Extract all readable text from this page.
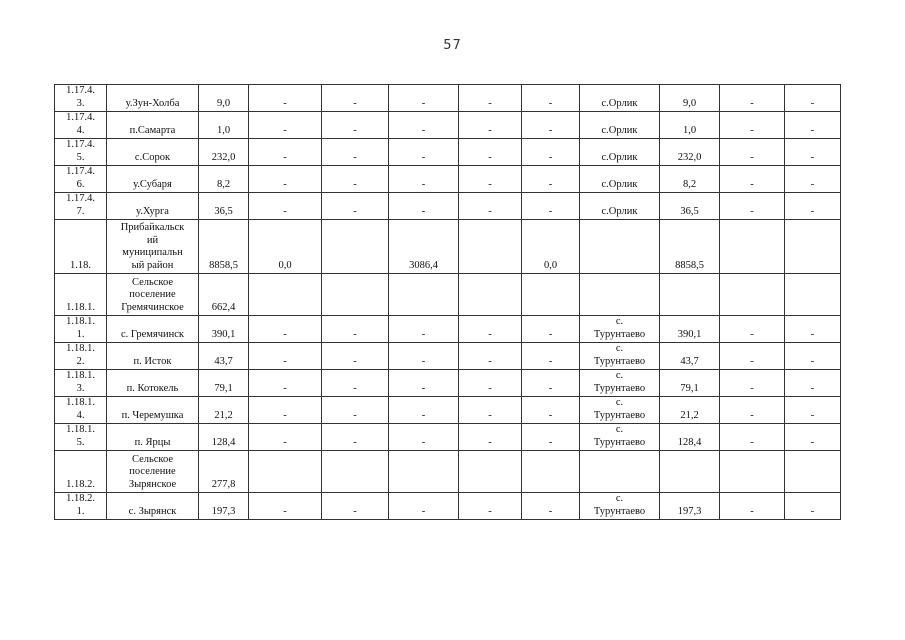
57
1.17.4.
3.	у.Зун-Холба	9,0	-	-	-	-	-	с.Орлик	9,0	-	-
1.17.4.
4.	п.Самарта	1,0	-	-	-	-	-	с.Орлик	1,0	-	-
1.17.4.
5.	с.Сорок	232,0	-	-	-	-	-	с.Орлик	232,0	-	-
1.17.4.
6.	у.Субаря	8,2	-	-	-	-	-	с.Орлик	8,2	-	-
1.17.4.
7.	у.Хурга	36,5	-	-	-	-	-	с.Орлик	36,5	-	-
1.18.	Прибайкальск
ий
муниципальн
ый район	8858,5	0,0		3086,4		0,0		8858,5		
1.18.1.	Сельское
поселение
Гремячинское	662,4									
1.18.1.
1.	с. Гремячинск	390,1	-	-	-	-	-	с.
Турунтаево	390,1	-	-
1.18.1.
2.	п. Исток	43,7	-	-	-	-	-	с.
Турунтаево	43,7	-	-
1.18.1.
3.	п. Котокель	79,1	-	-	-	-	-	с.
Турунтаево	79,1	-	-
1.18.1.
4.	п. Черемушка	21,2	-	-	-	-	-	с.
Турунтаево	21,2	-	-
1.18.1.
5.	п. Ярцы	128,4	-	-	-	-	-	с.
Турунтаево	128,4	-	-
1.18.2.	Сельское
поселение
Зырянское	277,8									
1.18.2.
1.	с. Зырянск	197,3	-	-	-	-	-	с.
Турунтаево	197,3	-	-
